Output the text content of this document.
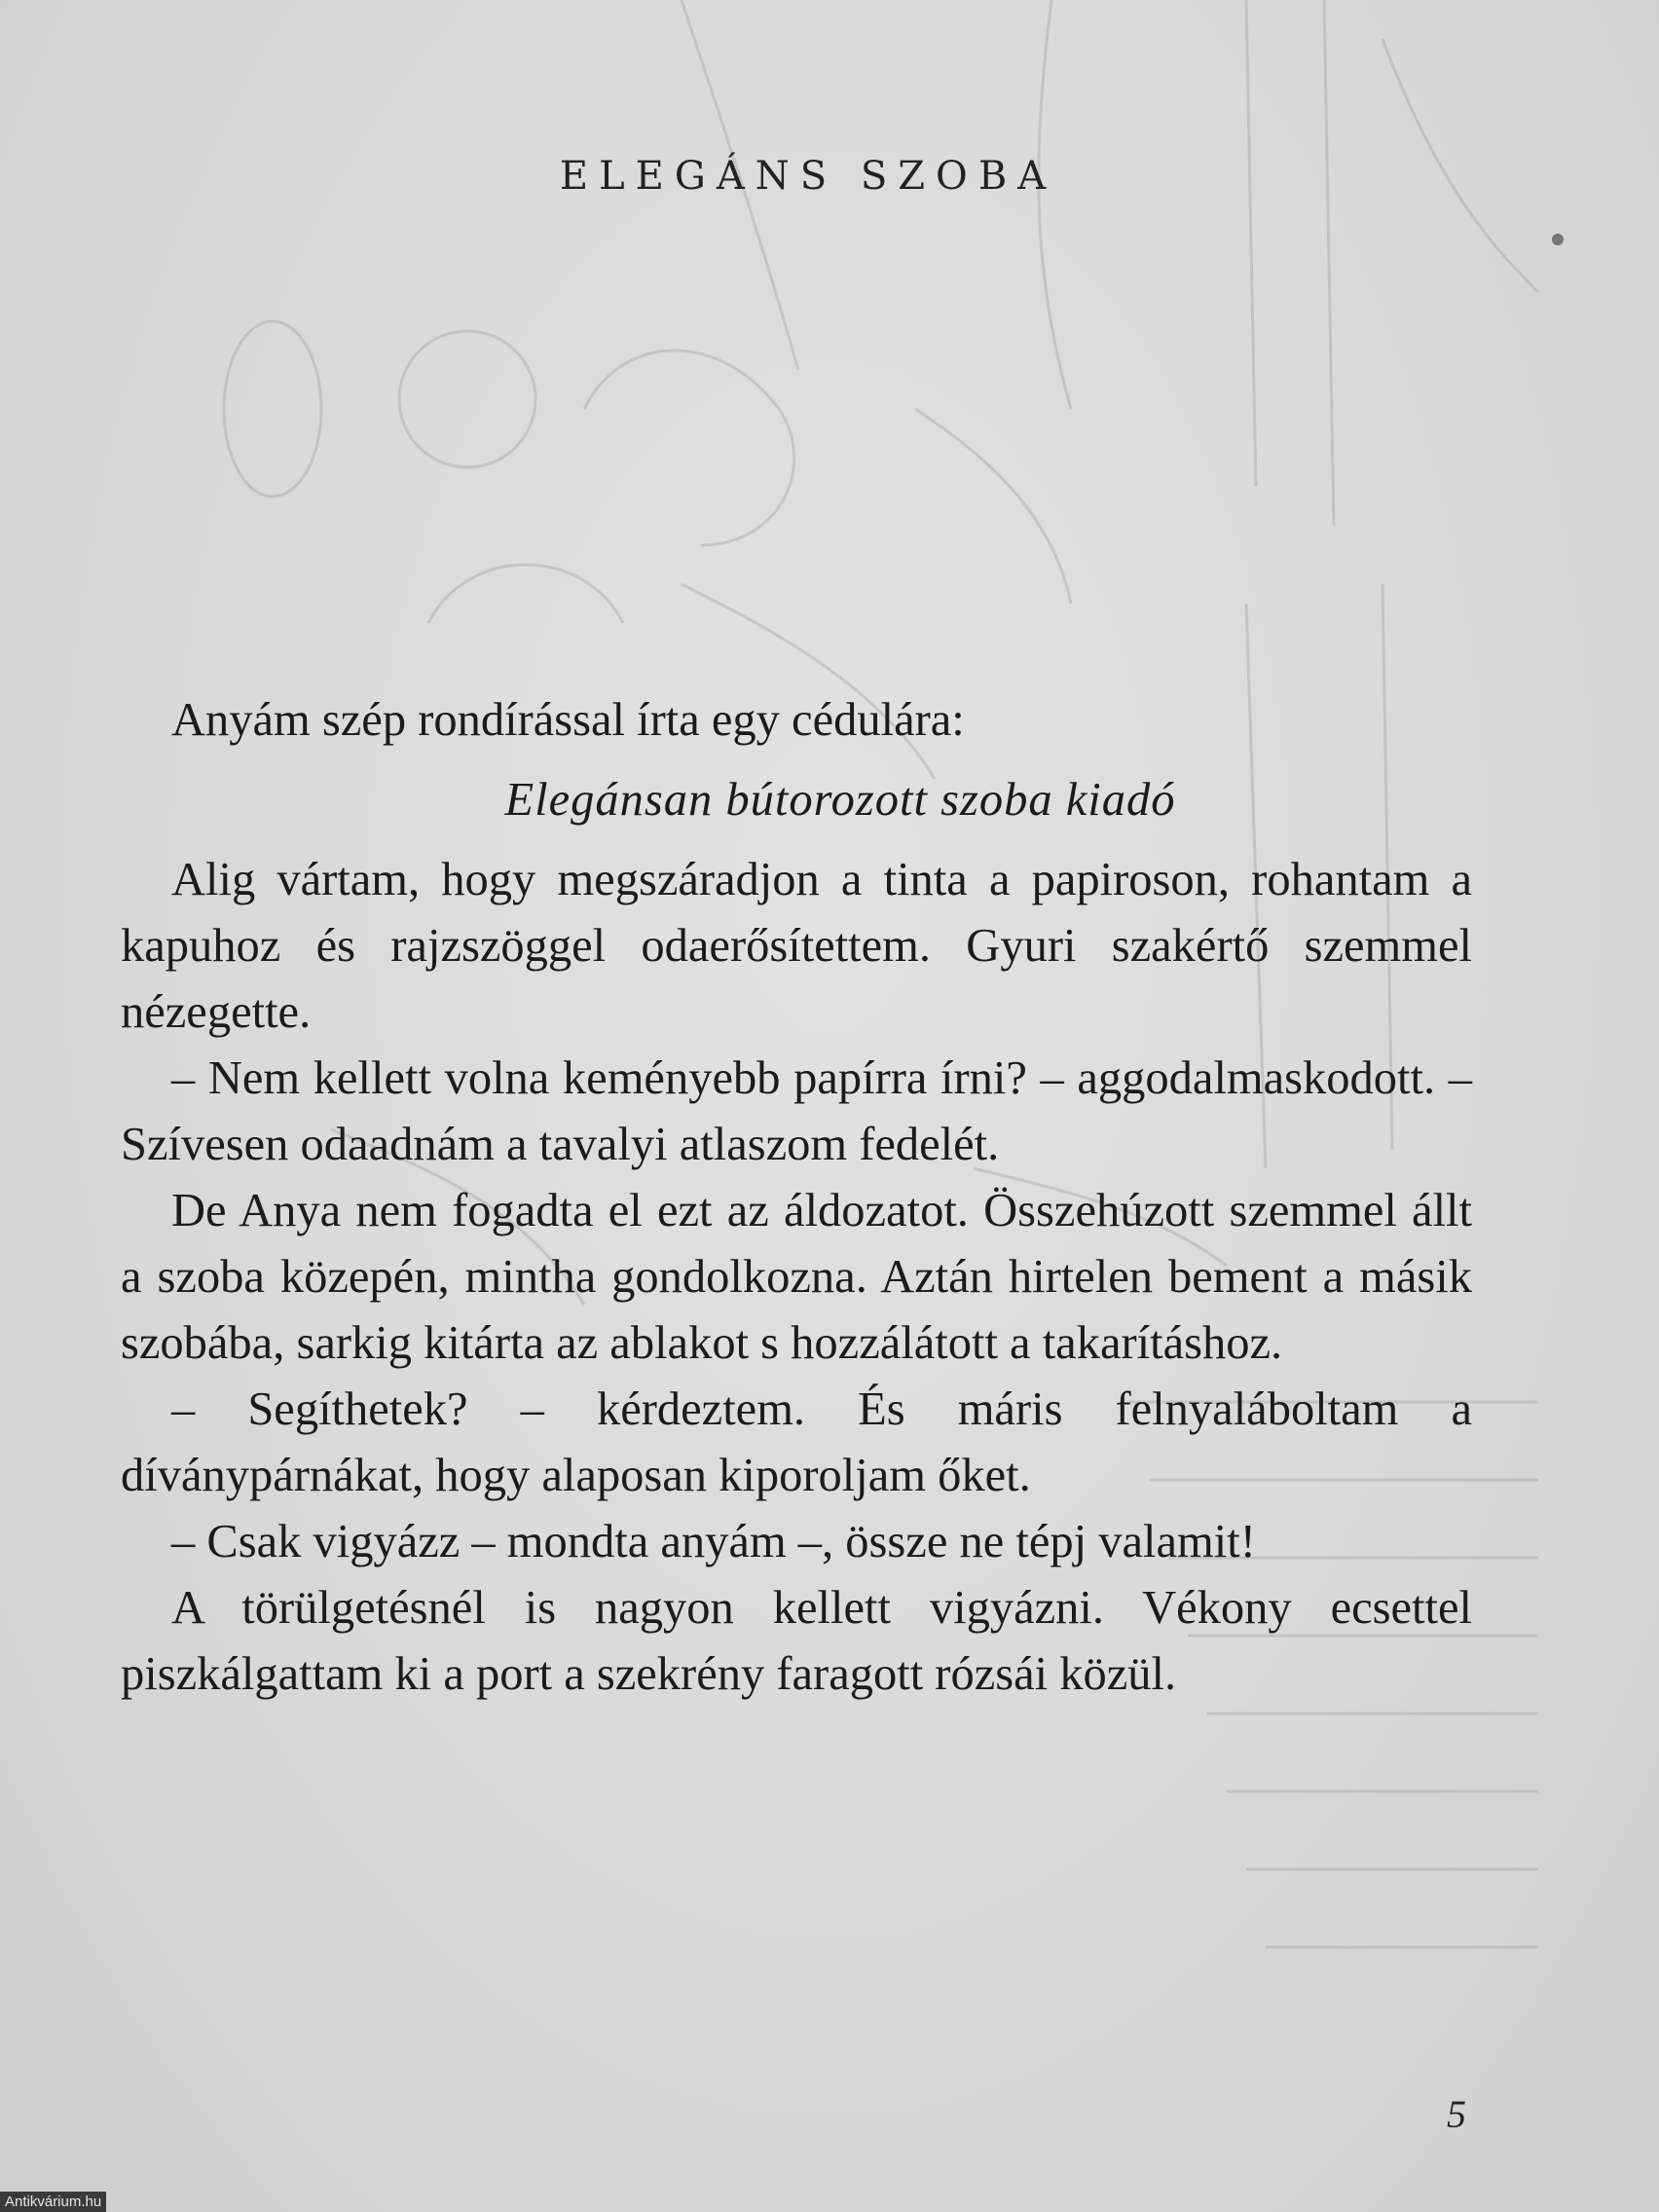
ELEGÁNS SZOBA

Anyám szép rondírással írta egy cédulára:

Elegánsan bútorozott szoba kiadó

Alig vártam, hogy megszáradjon a tinta a papiroson, rohantam a kapuhoz és rajzszöggel odaerősítettem. Gyuri szakértő szemmel nézegette.

– Nem kellett volna keményebb papírra írni? – aggodalmaskodott. – Szívesen odaadnám a tavalyi atlaszom fedelét.

De Anya nem fogadta el ezt az áldozatot. Összehúzott szemmel állt a szoba közepén, mintha gondolkozna. Aztán hirtelen bement a másik szobába, sarkig kitárta az ablakot s hozzálátott a takarításhoz.

– Segíthetek? – kérdeztem. És máris felnyaláboltam a díványpárnákat, hogy alaposan kiporoljam őket.

– Csak vigyázz – mondta anyám –, össze ne tépj valamit!

A törülgetésnél is nagyon kellett vigyázni. Vékony ecsettel piszkálgattam ki a port a szekrény faragott rózsái közül.

5
Antikvárium.hu
